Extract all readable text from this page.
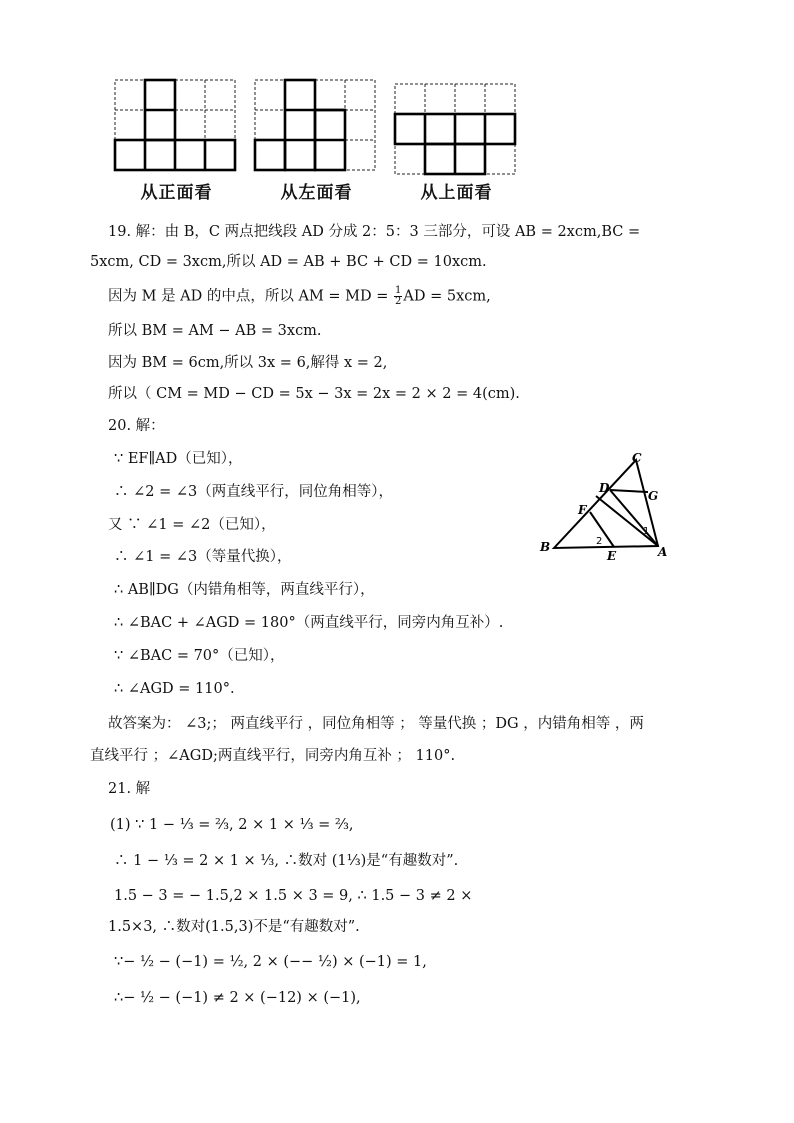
从正面看	从左面看	从上面看
19. 解：由 B，C 两点把线段 AD 分成 2：5：3 三部分，可设 AB = 2xcm,BC =
5xcm, CD = 3xcm,所以 AD = AB + BC + CD = 10xcm.
因为 M 是 AD 的中点，所以 AM = MD = $\frac{1}{2}$ AD = 5xcm,
所以 BM = AM − AB = 3xcm.
因为 BM = 6cm,所以 3x = 6,解得 x = 2,
所以（ CM = MD − CD = 5x − 3x = 2x = 2 × 2 = 4(cm).
20. 解：
∵ EF∥AD（已知），
∴ ∠2 = ∠3（两直线平行，同位角相等），
又 ∵ ∠1 = ∠2（已知），
∴ ∠1 = ∠3（等量代换），
∴ AB∥DG（内错角相等，两直线平行），
∴ ∠BAC + ∠AGD = 180°（两直线平行，同旁内角互补）.
∵ ∠BAC = 70°（已知），
∴ ∠AGD = 110°.
故答案为： ∠3;； 两直线平行 ，同位角相等 ； 等量代换 ；DG ，内错角相等 ，两
直线平行 ；∠AGD;两直线平行，同旁内角互补 ； 110°.
C
D
G
F
B
E	A
1
2
21. 解
(1) ∵ 1 − ⅓ = ⅔, 2 × 1 × ⅓ = ⅔,
∴ 1 − ⅓ = 2 × 1 × ⅓, ∴数对 (1⅓)是“有趣数对”.
1.5 − 3 = − 1.5,2 × 1.5 × 3 = 9, ∴ 1.5 − 3 ≠ 2 ×
1.5×3, ∴数对(1.5,3)不是“有趣数对”.
∵− ½ − (−1) = ½, 2 × (−− ½) × (−1) = 1,
∴− ½ − (−1) ≠ 2 × (−12) × (−1),
